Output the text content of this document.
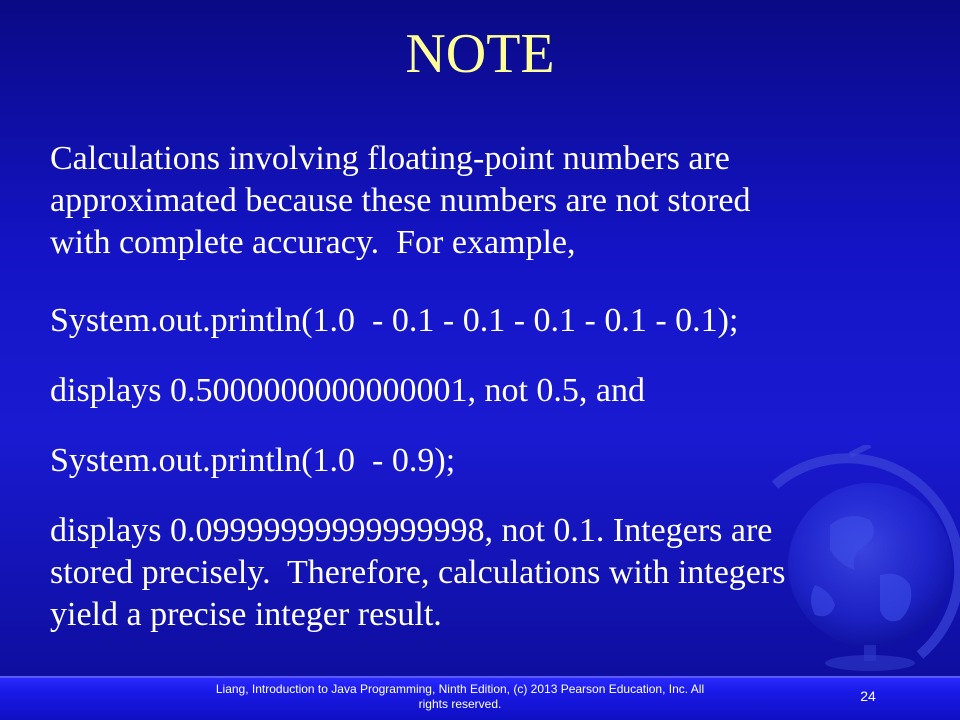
NOTE
Calculations involving floating-point numbers are
approximated because these numbers are not stored
with complete accuracy.  For example,
System.out.println(1.0  - 0.1 - 0.1 - 0.1 - 0.1 - 0.1);
displays 0.5000000000000001, not 0.5, and
System.out.println(1.0  - 0.9);
displays 0.09999999999999998, not 0.1. Integers are
stored precisely.  Therefore, calculations with integers
yield a precise integer result.
Liang, Introduction to Java Programming, Ninth Edition, (c) 2013 Pearson Education, Inc. All
rights reserved.	24
